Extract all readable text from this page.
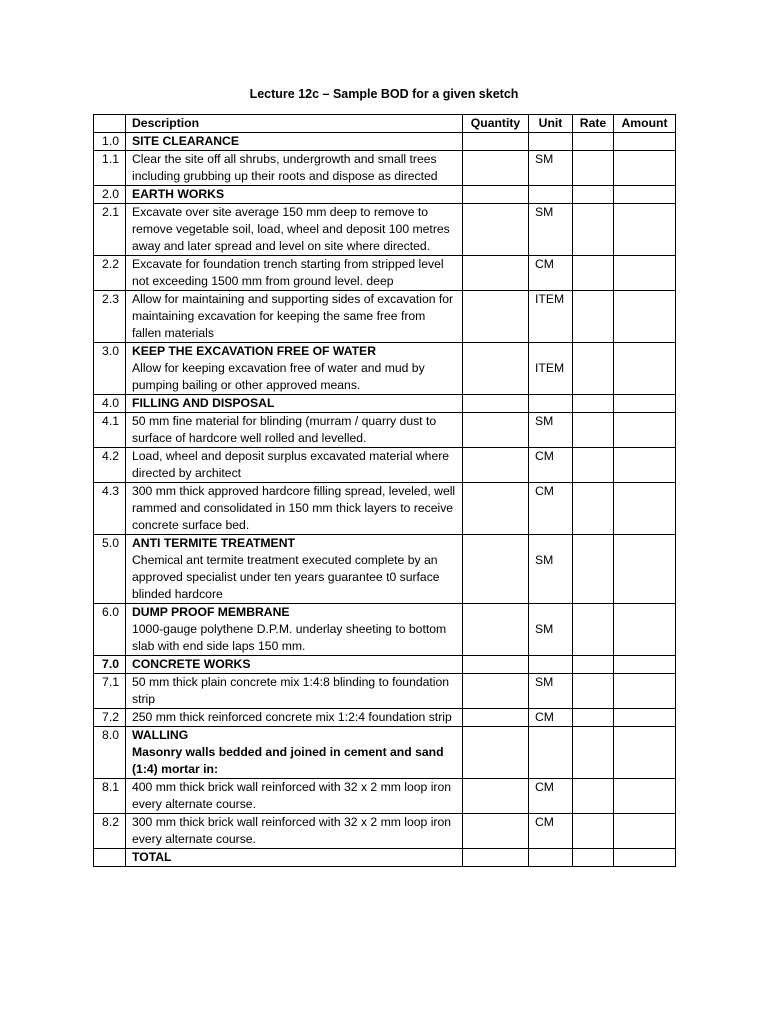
Lecture 12c – Sample BOD for a given sketch
	Description	Quantity	Unit	Rate	Amount
1.0	SITE CLEARANCE				

1.1	Clear the site off all shrubs, undergrowth and small trees including grubbing up their roots and dispose as directed		SM		
2.0	EARTH WORKS				

2.1	Excavate over site average 150 mm deep to remove to remove vegetable soil, load, wheel and deposit 100 metres away and later spread and level on site where directed.		SM		
2.2	Excavate for foundation trench starting from stripped level not exceeding 1500 mm from ground level. deep		CM		
2.3	Allow for maintaining and supporting sides of excavation for maintaining excavation for keeping the same free from fallen materials		ITEM		
3.0	KEEP THE EXCAVATION FREE OF WATER
Allow for keeping excavation free of water and mud by pumping bailing or other approved means.		ITEM		
4.0	FILLING AND DISPOSAL				

4.1	50 mm fine material for blinding (murram / quarry dust to surface of hardcore well rolled and levelled.		SM		
4.2	Load, wheel and deposit surplus excavated material where directed by architect		CM		
4.3	300 mm thick approved hardcore filling spread, leveled, well rammed and consolidated in 150 mm thick layers to receive concrete surface bed.		CM		
5.0	ANTI TERMITE TREATMENT
Chemical ant termite treatment executed complete by an approved specialist under ten years guarantee t0 surface blinded hardcore		SM		
6.0	DUMP PROOF MEMBRANE
1000-gauge polythene D.P.M. underlay sheeting to bottom slab with end side laps 150 mm.		SM		
7.0	CONCRETE WORKS				

7.1	50 mm thick plain concrete mix 1:4:8 blinding to foundation strip		SM		
7.2	250 mm thick reinforced concrete mix 1:2:4 foundation strip		CM		
8.0	WALLING
Masonry walls bedded and joined in cement and sand (1:4) mortar in:				

8.1	400 mm thick brick wall reinforced with 32 x 2 mm loop iron every alternate course.		CM		
8.2	300 mm thick brick wall reinforced with 32 x 2 mm loop iron every alternate course.		CM		

	TOTAL				
